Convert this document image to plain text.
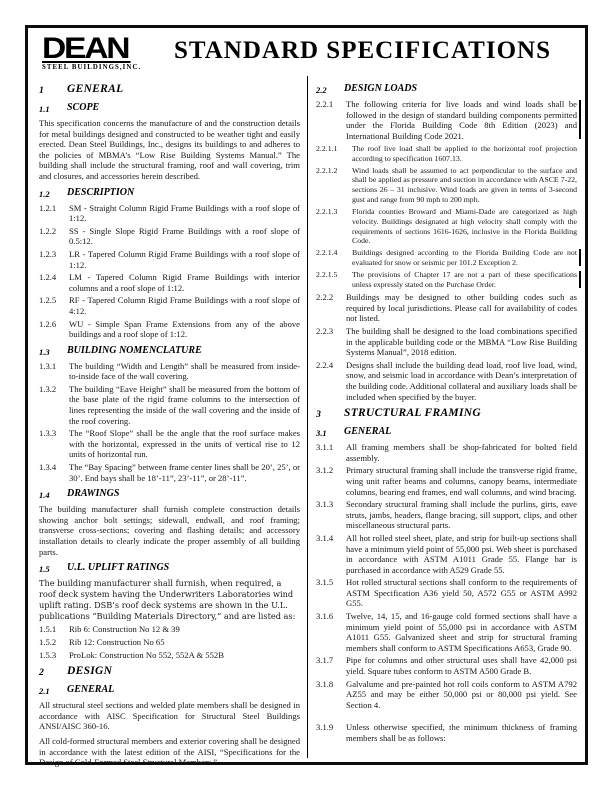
DEAN
STEEL BUILDINGS,INC.
STANDARD SPECIFICATIONS
1	GENERAL
1.1	SCOPE
This specification concerns the manufacture of and the construction details for metal buildings designed and constructed to be weather tight and easily erected. Dean Steel Buildings, Inc., designs its buildings to and adheres to the policies of MBMA’s “Low Rise Building Systems Manual.” The building shall include the structural framing, roof and wall covering, trim and closures, and accessories herein described.
1.2	DESCRIPTION
1.2.1	SM - Straight Column Rigid Frame Buildings with a roof slope of 1:12.
1.2.2	SS - Single Slope Rigid Frame Buildings with a roof slope of 0.5:12.
1.2.3	LR - Tapered Column Rigid Frame Buildings with a roof slope of 1:12.
1.2.4	LM - Tapered Column Rigid Frame Buildings with interior columns and a roof slope of 1:12.
1.2.5	RF - Tapered Column Rigid Frame Buildings with a roof slope of 4:12.
1.2.6	WU - Simple Span Frame Extensions from any of the above buildings and a roof slope of 1:12.
1.3	BUILDING NOMENCLATURE
1.3.1	The building “Width and Length” shall be measured from inside-to-inside face of the wall covering.
1.3.2	The building “Eave Height” shall be measured from the bottom of the base plate of the rigid frame columns to the intersection of lines representing the inside of the wall covering and the inside of the roof covering.
1.3.3	The “Roof Slope” shall be the angle that the roof surface makes with the horizontal, expressed in the units of vertical rise to 12 units of horizontal run.
1.3.4	The “Bay Spacing” between frame center lines shall be 20’, 25’, or 30’. End bays shall be 18’-11”, 23’-11”, or 28’-11”.
1.4	DRAWINGS
The building manufacturer shall furnish complete construction details showing anchor bolt settings; sidewall, endwall, and roof framing; transverse cross-sections; covering and flashing details; and accessory installation details to clearly indicate the proper assembly of all building parts.
1.5	U.L. UPLIFT RATINGS
The building manufacturer shall furnish, when required, a roof deck system having the Underwriters Laboratories wind uplift rating. DSB’s roof deck systems are shown in the U.L. publications “Building Materials Directory,” and are listed as:
1.5.1	Rib 6: Construction No 12 & 39
1.5.2	Rib 12: Construction No 65
1.5.3	ProLok: Construction No 552, 552A & 552B
2	DESIGN
2.1	GENERAL
All structural steel sections and welded plate members shall be designed in accordance with AISC Specification for Structural Steel Buildings ANSI/AISC 360-16.
All cold-formed structural members and exterior covering shall be designed in accordance with the latest edition of the AISI, “Specifications for the Design of Cold-Formed Steel Structural Members.”
2.2	DESIGN LOADS
2.2.1	The following criteria for live loads and wind loads shall be followed in the design of standard building components permitted under the Florida Building Code 8th Edition (2023) and International Building Code 2021.
2.2.1.1	The roof live load shall be applied to the horizontal roof projection according to specification 1607.13.
2.2.1.2	Wind loads shall be assumed to act perpendicular to the surface and shall be applied as pressure and suction in accordance with ASCE 7-22, sections 26 – 31 inclusive. Wind loads are given in terms of 3-second gust and range from 90 mph to 200 mph.
2.2.1.3	Florida counties Broward and Miami-Dade are categorized as high velocity. Buildings designated at high velocity shall comply with the requirements of sections 1616-1626, inclusive in the Florida Building Code.
2.2.1.4	Buildings designed according to the Florida Building Code are not evaluated for snow or seismic per 101.2 Exception 2.
2.2.1.5	The provisions of Chapter 17 are not a part of these specifications unless expressly stated on the Purchase Order.
2.2.2	Buildings may be designed to other building codes such as required by local jurisdictions. Please call for availability of codes not listed.
2.2.3	The building shall be designed to the load combinations specified in the applicable building code or the MBMA “Low Rise Building Systems Manual”, 2018 edition.
2.2.4	Designs shall include the building dead load, roof live load, wind, snow, and seismic load in accordance with Dean’s interpretation of the building code. Additional collateral and auxiliary loads shall be included when specified by the buyer.
3	STRUCTURAL FRAMING
3.1	GENERAL
3.1.1	All framing members shall be shop-fabricated for bolted field assembly.
3.1.2	Primary structural framing shall include the transverse rigid frame, wing unit rafter beams and columns, canopy beams, intermediate columns, bearing end frames, end wall columns, and wind bracing.
3.1.3	Secondary structural framing shall include the purlins, girts, eave struts, jambs, headers, flange bracing, sill support, clips, and other miscellaneous structural parts.
3.1.4	All hot rolled steel sheet, plate, and strip for built-up sections shall have a minimum yield point of 55,000 psi. Web sheet is purchased in accordance with ASTM A1011 Grade 55. Flange bar is purchased in accordance with A529 Grade 55.
3.1.5	Hot rolled structural sections shall conform to the requirements of ASTM Specification A36 yield 50, A572 G55 or ASTM A992 G55.
3.1.6	Twelve, 14, 15, and 16-gauge cold formed sections shall have a minimum yield point of 55,000 psi in accordance with ASTM A1011 G55. Galvanized sheet and strip for structural framing members shall conform to ASTM Specifications A653, Grade 90.
3.1.7	Pipe for columns and other structural uses shall have 42,000 psi yield. Square tubes conform to ASTM A500 Grade B.
3.1.8	Galvalume and pre-painted hot roll coils conform to ASTM A792 AZ55 and may be either 50,000 psi or 80,000 psi yield. See Section 4.
3.1.9	Unless otherwise specified, the minimum thickness of framing members shall be as follows:
